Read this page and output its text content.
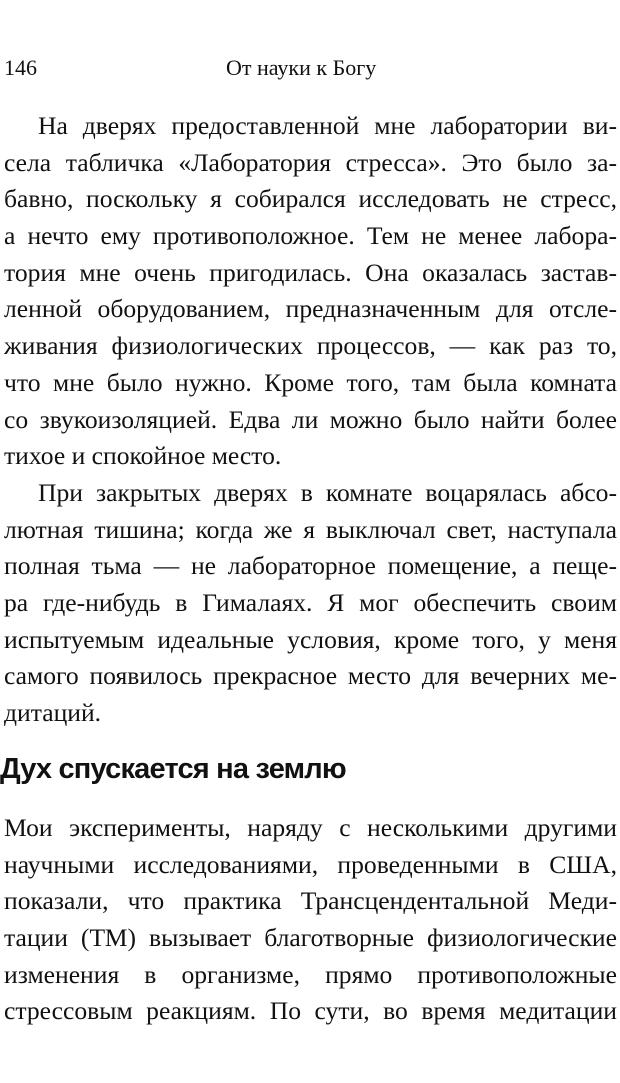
146	От науки к Богу
На дверях предоставленной мне лаборатории ви-
села табличка «Лаборатория стресса». Это было за-
бавно, поскольку я собирался исследовать не стресс,
а нечто ему противоположное. Тем не менее лабора-
тория мне очень пригодилась. Она оказалась застав-
ленной оборудованием, предназначенным для отсле-
живания физиологических процессов, — как раз то,
что мне было нужно. Кроме того, там была комната
со звукоизоляцией. Едва ли можно было найти более
тихое и спокойное место.
При закрытых дверях в комнате воцарялась абсо-
лютная тишина; когда же я выключал свет, наступала
полная тьма — не лабораторное помещение, а пеще-
ра где-нибудь в Гималаях. Я мог обеспечить своим
испытуемым идеальные условия, кроме того, у меня
самого появилось прекрасное место для вечерних ме-
дитаций.
Дух спускается на землю
Мои эксперименты, наряду с несколькими другими
научными исследованиями, проведенными в США,
показали, что практика Трансцендентальной Меди-
тации (ТМ) вызывает благотворные физиологические
изменения в организме, прямо противоположные
стрессовым реакциям. По сути, во время медитации
